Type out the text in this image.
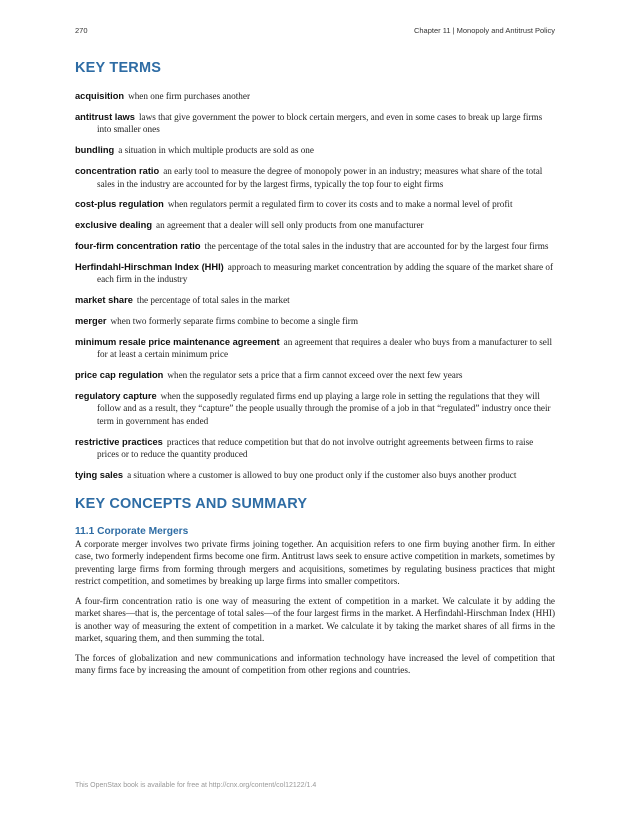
270	Chapter 11 | Monopoly and Antitrust Policy
KEY TERMS

acquisition when one firm purchases another

antitrust laws laws that give government the power to block certain mergers, and even in some cases to break up large firms into smaller ones

bundling a situation in which multiple products are sold as one

concentration ratio an early tool to measure the degree of monopoly power in an industry; measures what share of the total sales in the industry are accounted for by the largest firms, typically the top four to eight firms

cost-plus regulation when regulators permit a regulated firm to cover its costs and to make a normal level of profit

exclusive dealing an agreement that a dealer will sell only products from one manufacturer

four-firm concentration ratio the percentage of the total sales in the industry that are accounted for by the largest four firms

Herfindahl-Hirschman Index (HHI) approach to measuring market concentration by adding the square of the market share of each firm in the industry

market share the percentage of total sales in the market

merger when two formerly separate firms combine to become a single firm

minimum resale price maintenance agreement an agreement that requires a dealer who buys from a manufacturer to sell for at least a certain minimum price

price cap regulation when the regulator sets a price that a firm cannot exceed over the next few years

regulatory capture when the supposedly regulated firms end up playing a large role in setting the regulations that they will follow and as a result, they “capture” the people usually through the promise of a job in that “regulated” industry once their term in government has ended

restrictive practices practices that reduce competition but that do not involve outright agreements between firms to raise prices or to reduce the quantity produced

tying sales a situation where a customer is allowed to buy one product only if the customer also buys another product

KEY CONCEPTS AND SUMMARY
11.1 Corporate Mergers

A corporate merger involves two private firms joining together. An acquisition refers to one firm buying another firm. In either case, two formerly independent firms become one firm. Antitrust laws seek to ensure active competition in markets, sometimes by preventing large firms from forming through mergers and acquisitions, sometimes by regulating business practices that might restrict competition, and sometimes by breaking up large firms into smaller competitors.

A four-firm concentration ratio is one way of measuring the extent of competition in a market. We calculate it by adding the market shares—that is, the percentage of total sales—of the four largest firms in the market. A Herfindahl-Hirschman Index (HHI) is another way of measuring the extent of competition in a market. We calculate it by taking the market shares of all firms in the market, squaring them, and then summing the total.

The forces of globalization and new communications and information technology have increased the level of competition that many firms face by increasing the amount of competition from other regions and countries.

This OpenStax book is available for free at http://cnx.org/content/col12122/1.4
